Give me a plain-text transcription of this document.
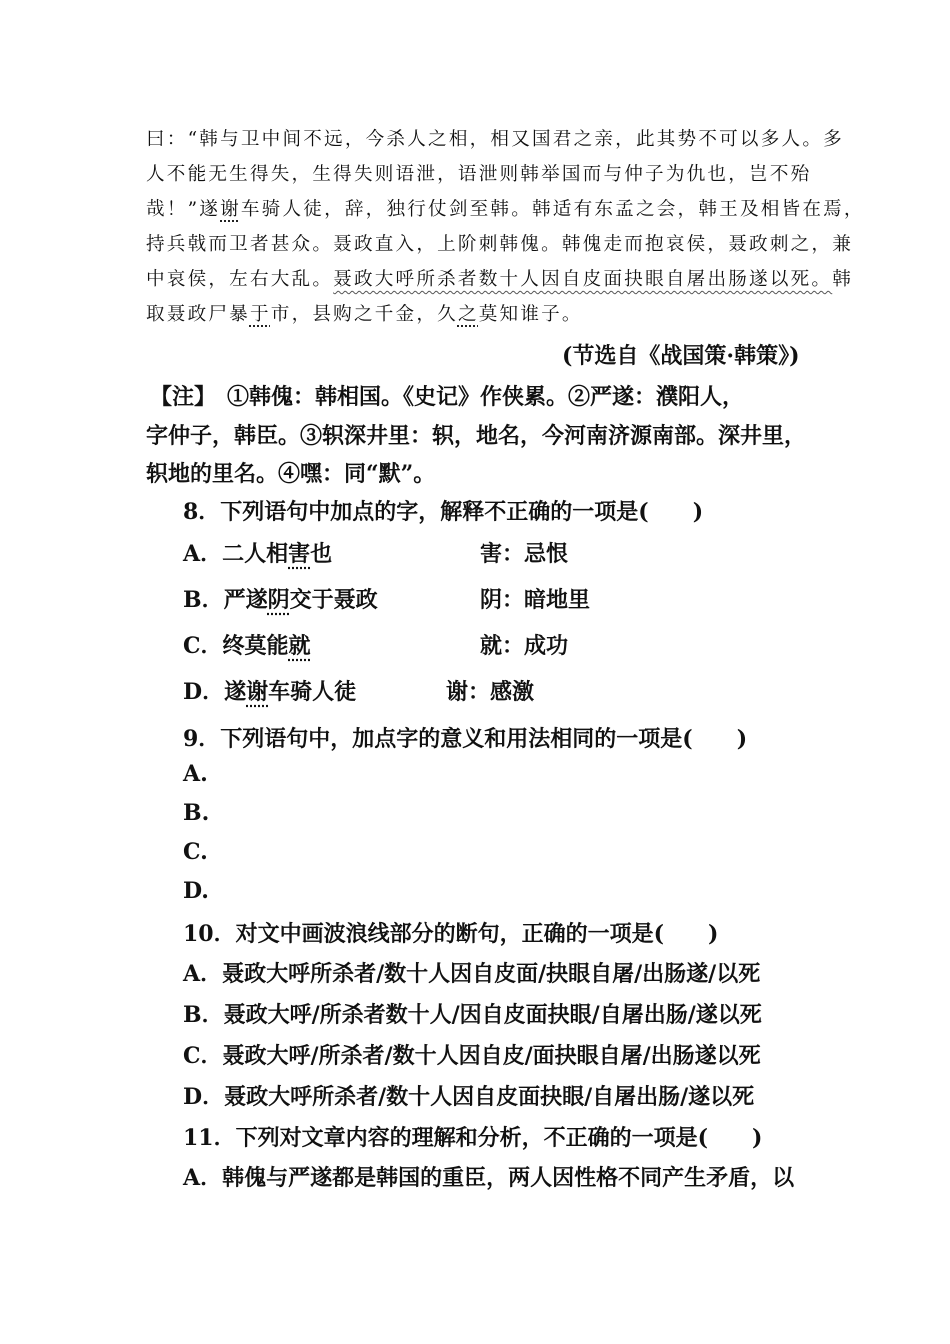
曰：“韩与卫中间不远，今杀人之相，相又国君之亲，此其势不可以多人。多
人不能无生得失，生得失则语泄，语泄则韩举国而与仲子为仇也，岂不殆
哉！”遂谢车骑人徒，辞，独行仗剑至韩。韩适有东孟之会，韩王及相皆在焉，
持兵戟而卫者甚众。聂政直入，上阶刺韩傀。韩傀走而抱哀侯，聂政刺之，兼
中哀侯，左右大乱。聂政大呼所杀者数十人因自皮面抉眼自屠出肠遂以死。韩
取聂政尸暴于市，县购之千金，久之莫知谁子。
(节选自《战国策·韩策》)
【注】　①韩傀：韩相国。《史记》作侠累。②严遂：濮阳人，
字仲子，韩臣。③轵深井里：轵，地名，今河南济源南部。深井里，
轵地的里名。④嘿：同“默”。
8．下列语句中加点的字，解释不正确的一项是(　　)
A．二人相害也	害：忌恨
B．严遂阴交于聂政	阴：暗地里
C．终莫能就	就：成功
D．遂谢车骑人徒	谢：感激
9．下列语句中，加点字的意义和用法相同的一项是(　　)
A.
B.
C.
D.
10．对文中画波浪线部分的断句，正确的一项是(　　)
A．聂政大呼所杀者/数十人因自皮面/抉眼自屠/出肠遂/以死
B．聂政大呼/所杀者数十人/因自皮面抉眼/自屠出肠/遂以死
C．聂政大呼/所杀者/数十人因自皮/面抉眼自屠/出肠遂以死
D．聂政大呼所杀者/数十人因自皮面抉眼/自屠出肠/遂以死
11．下列对文章内容的理解和分析，不正确的一项是(　　)
A．韩傀与严遂都是韩国的重臣，两人因性格不同产生矛盾，以
